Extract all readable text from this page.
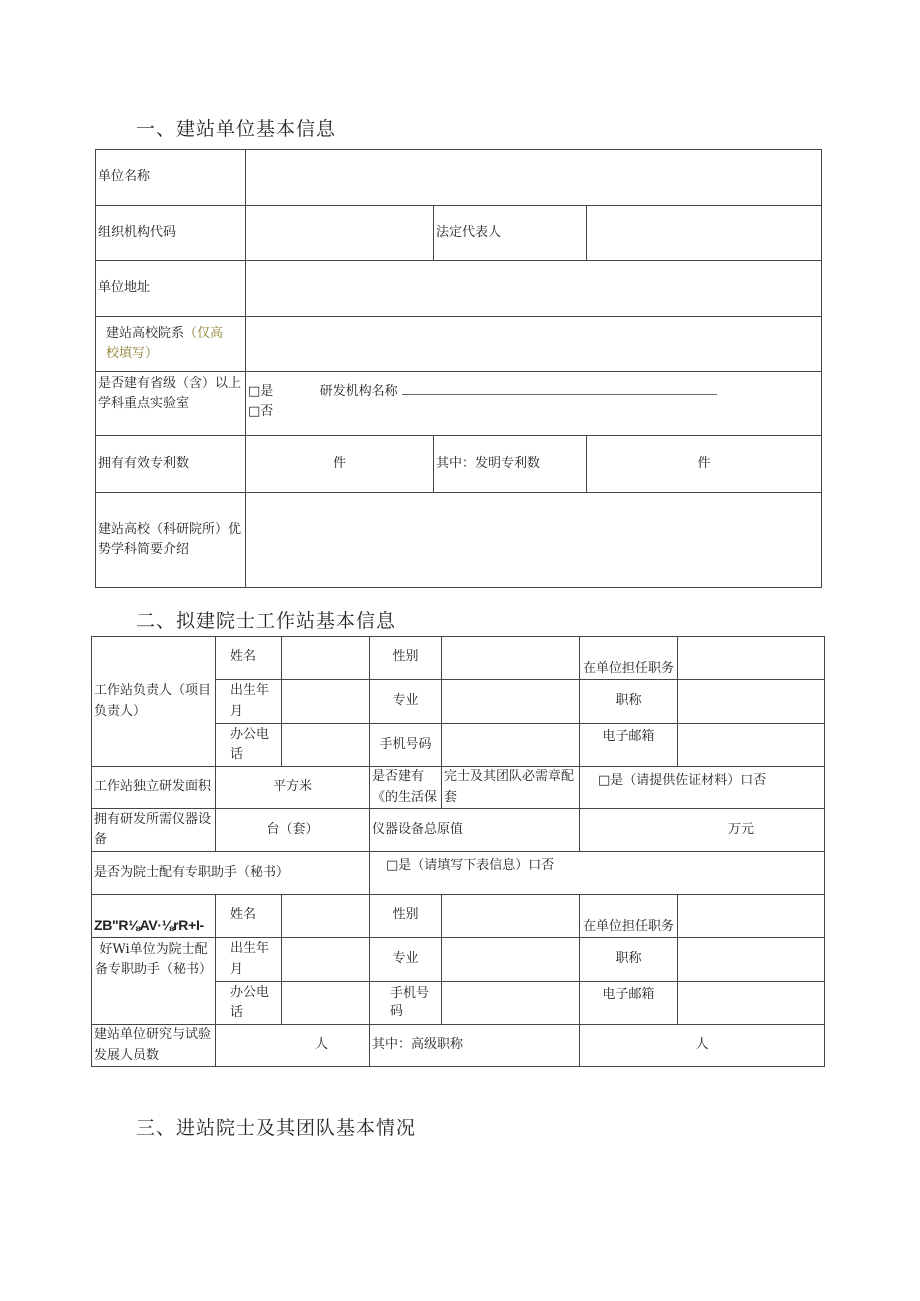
一、建站单位基本信息
单位名称			
组织机构代码		法定代表人	
单位地址			
建站高校院系（仅高
校填写）			
是否建有省级（含）以上学科重点实验室	□是 研发机构名称
□否		

拥有有效专利数	件	其中：发明专利数	件
建站高校（科研院所）优势学科简要介绍			
二、拟建院士工作站基本信息
工作站负责人（项目负责人）	姓名		性别		在单位担任职务	
	出生年月		专业		职称	
	办公电话		手机号码		电子邮箱	
工作站独立研发面积	平方米		是否建有《的生活保	完士及其团队必需章配套	□是（请提供佐证材料）口否	
拥有研发所需仪器设备	台（套）		仪器设备总原值		万元	
是否为院士配有专职助手（秘书）			□是（请填写下表信息）口否			
ZB"R⅛AV·⅛rR+I-	姓名		性别		在单位担任职务	
好Wi单位为院士配备专职助手（秘书）	出生年月		专业		职称	
	办公电话		手机号码		电子邮箱	
建站单位研究与试验发展人员数	人		其中：高级职称		人	
三、进站院士及其团队基本情况
